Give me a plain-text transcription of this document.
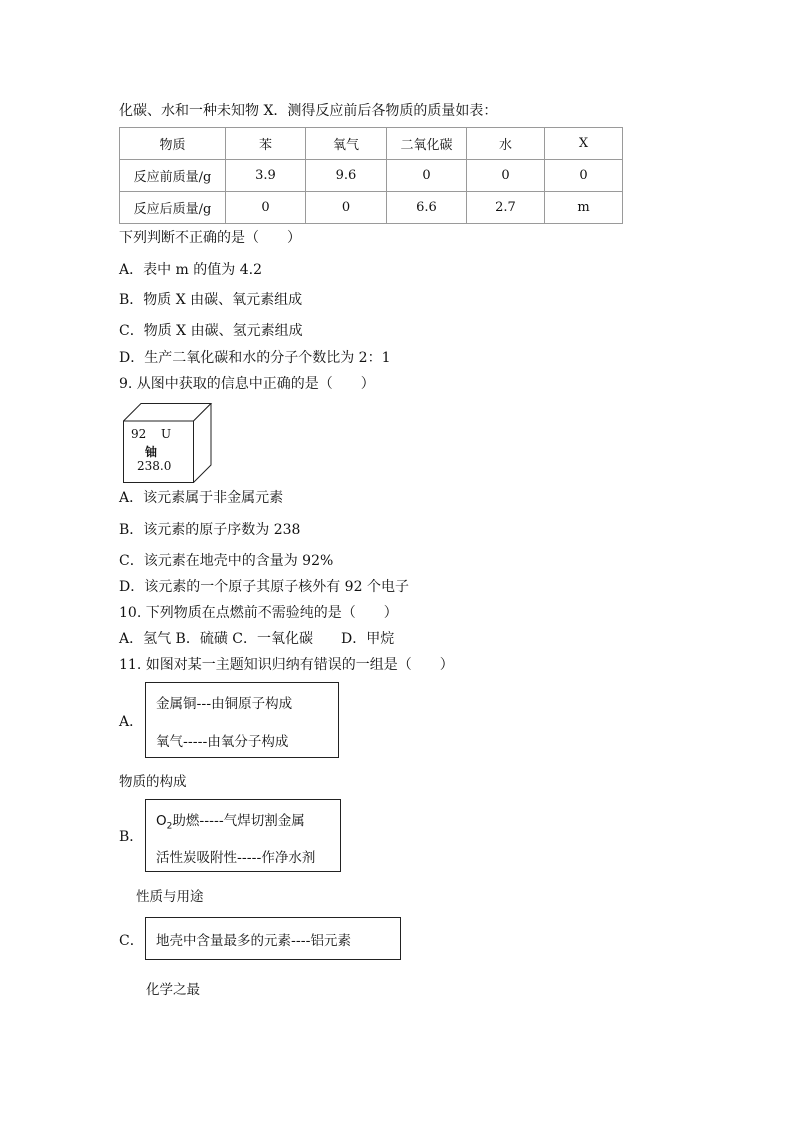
化碳、水和一种未知物 X．测得反应前后各物质的质量如表：
物质	苯	氧气	二氧化碳	水	X
反应前质量/g	3.9	9.6	0	0	0
反应后质量/g	0	0	6.6	2.7	m
下列判断不正确的是（　　）
A．表中 m 的值为 4.2
B．物质 X 由碳、氧元素组成
C．物质 X 由碳、氢元素组成
D．生产二氧化碳和水的分子个数比为 2：1
9. 从图中获取的信息中正确的是（　　）
92 U
铀
238.0
A．该元素属于非金属元素
B．该元素的原子序数为 238
C．该元素在地壳中的含量为 92%
D．该元素的一个原子其原子核外有 92 个电子
10. 下列物质在点燃前不需验纯的是（　　）
A．氢气 B．硫磺 C．一氧化碳　　D．甲烷
11. 如图对某一主题知识归纳有错误的一组是（　　）
A．
金属铜---由铜原子构成
氧气-----由氧分子构成
物质的构成
B．
$O_2$助燃-----气焊切割金属
活性炭吸附性-----作净水剂
性质与用途
C． 地壳中含量最多的元素----铝元素
化学之最
